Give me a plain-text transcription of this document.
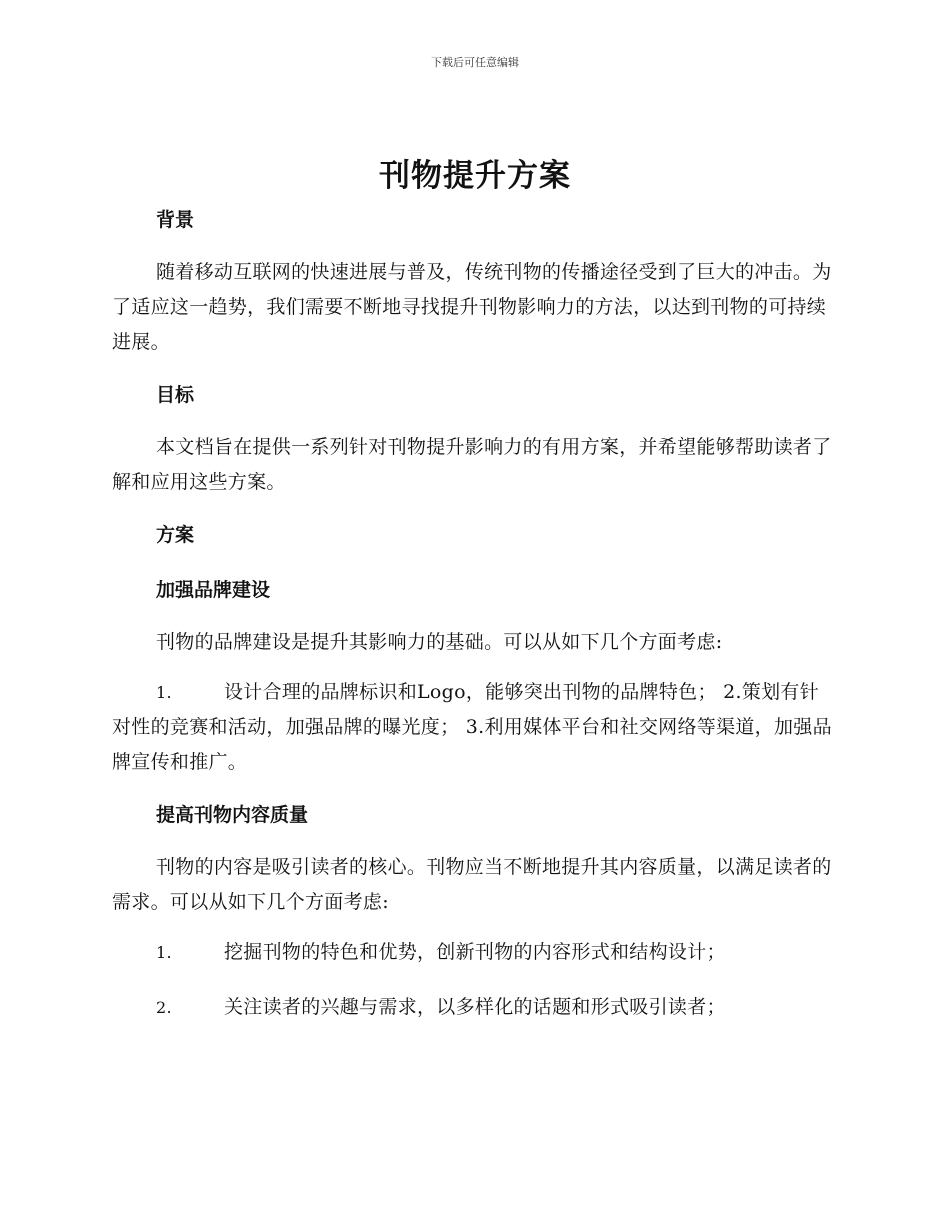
下载后可任意编辑
刊物提升方案
背景

随着移动互联网的快速进展与普及，传统刊物的传播途径受到了巨大的冲击。为了适应这一趋势，我们需要不断地寻找提升刊物影响力的方法，以达到刊物的可持续进展。

目标

本文档旨在提供一系列针对刊物提升影响力的有用方案，并希望能够帮助读者了解和应用这些方案。

方案
加强品牌建设

刊物的品牌建设是提升其影响力的基础。可以从如下几个方面考虑:

1.	设计合理的品牌标识和Logo，能够突出刊物的品牌特色； 2.策划有针对性的竞赛和活动，加强品牌的曝光度； 3.利用媒体平台和社交网络等渠道，加强品牌宣传和推广。

提高刊物内容质量

刊物的内容是吸引读者的核心。刊物应当不断地提升其内容质量，以满足读者的需求。可以从如下几个方面考虑:

1.	挖掘刊物的特色和优势，创新刊物的内容形式和结构设计；

2.	关注读者的兴趣与需求，以多样化的话题和形式吸引读者；
